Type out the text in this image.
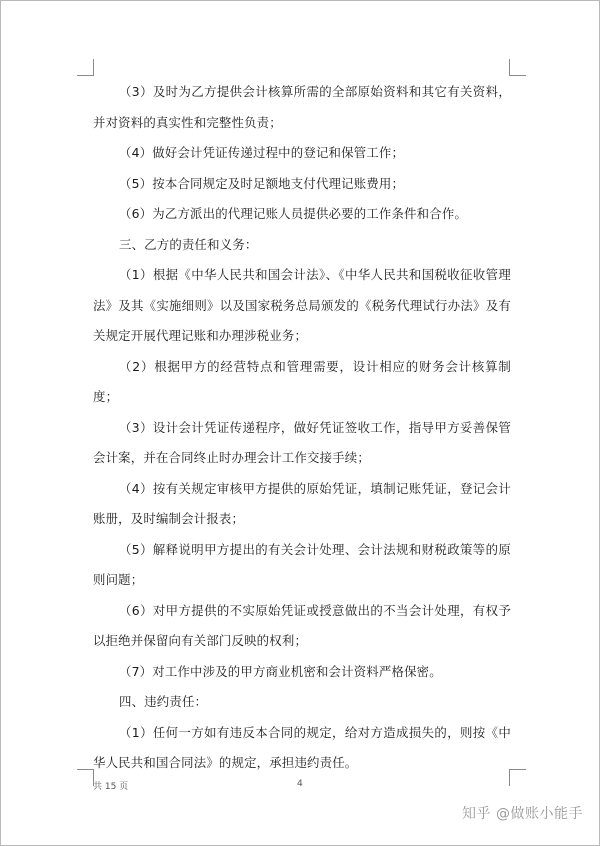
（3）及时为乙方提供会计核算所需的全部原始资料和其它有关资料，并对资料的真实性和完整性负责；

（4）做好会计凭证传递过程中的登记和保管工作；

（5）按本合同规定及时足额地支付代理记账费用；

（6）为乙方派出的代理记账人员提供必要的工作条件和合作。

三、乙方的责任和义务：

（1）根据《中华人民共和国会计法》、《中华人民共和国税收征收管理法》及其《实施细则》以及国家税务总局颁发的《税务代理试行办法》及有关规定开展代理记账和办理涉税业务；

（2）根据甲方的经营特点和管理需要，设计相应的财务会计核算制度；

（3）设计会计凭证传递程序，做好凭证签收工作，指导甲方妥善保管会计案，并在合同终止时办理会计工作交接手续；

（4）按有关规定审核甲方提供的原始凭证，填制记账凭证，登记会计账册，及时编制会计报表；

（5）解释说明甲方提出的有关会计处理、会计法规和财税政策等的原则问题；

（6）对甲方提供的不实原始凭证或授意做出的不当会计处理，有权予以拒绝并保留向有关部门反映的权利；

（7）对工作中涉及的甲方商业机密和会计资料严格保密。

四、违约责任：

（1）任何一方如有违反本合同的规定，给对方造成损失的，则按《中华人民共和国合同法》的规定，承担违约责任。

共 15 页	4
知乎 @做账小能手
